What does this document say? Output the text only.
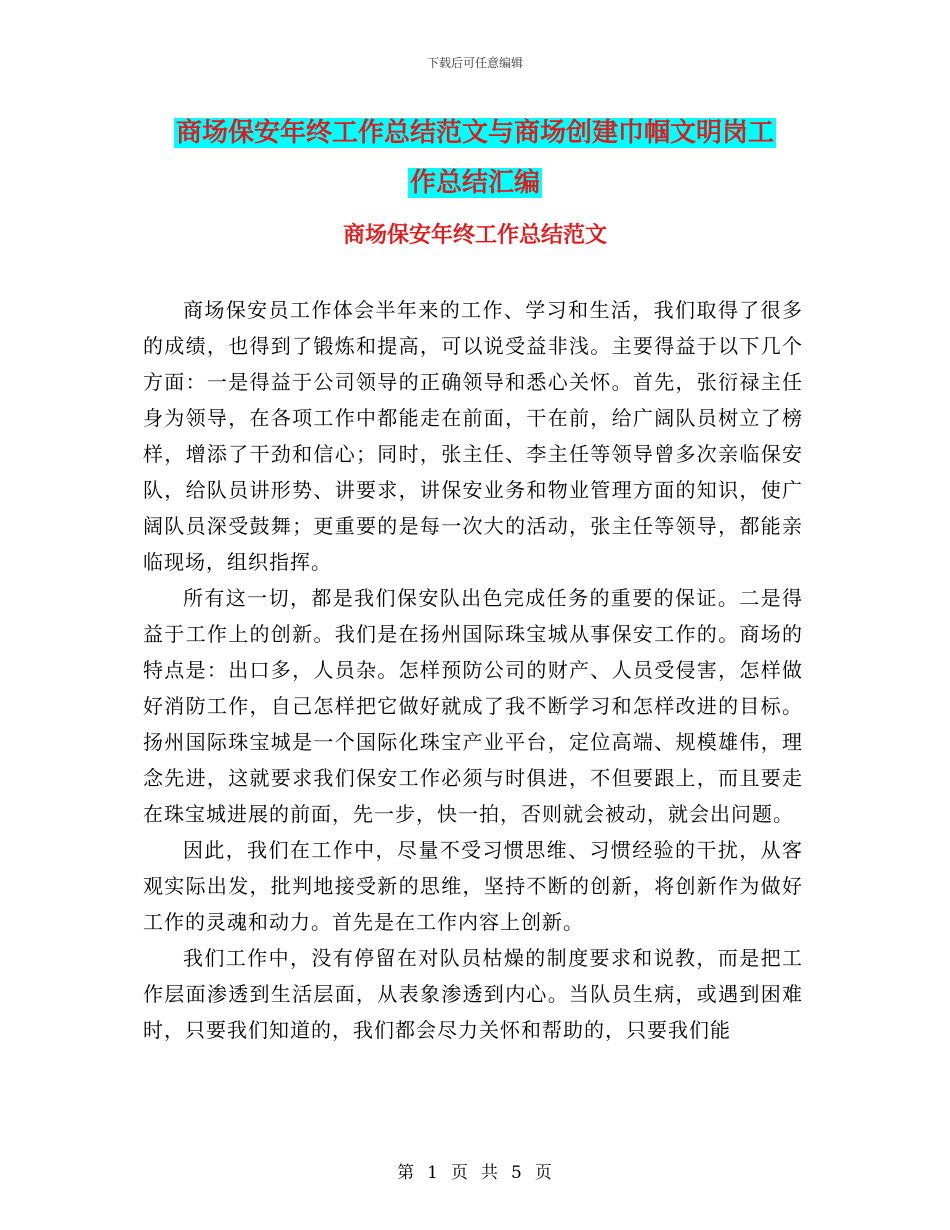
下载后可任意编辑
商场保安年终工作总结范文与商场创建巾帼文明岗工
作总结汇编
商场保安年终工作总结范文

商场保安员工作体会半年来的工作、学习和生活，我们取得了很多的成绩，也得到了锻炼和提高，可以说受益非浅。主要得益于以下几个方面：一是得益于公司领导的正确领导和悉心关怀。首先，张衍禄主任身为领导，在各项工作中都能走在前面，干在前，给广阔队员树立了榜样，增添了干劲和信心；同时，张主任、李主任等领导曾多次亲临保安队，给队员讲形势、讲要求，讲保安业务和物业管理方面的知识，使广阔队员深受鼓舞；更重要的是每一次大的活动，张主任等领导，都能亲临现场，组织指挥。

所有这一切，都是我们保安队出色完成任务的重要的保证。二是得益于工作上的创新。我们是在扬州国际珠宝城从事保安工作的。商场的特点是：出口多，人员杂。怎样预防公司的财产、人员受侵害，怎样做好消防工作，自己怎样把它做好就成了我不断学习和怎样改进的目标。扬州国际珠宝城是一个国际化珠宝产业平台，定位高端、规模雄伟，理念先进，这就要求我们保安工作必须与时俱进，不但要跟上，而且要走在珠宝城进展的前面，先一步，快一拍，否则就会被动，就会出问题。

因此，我们在工作中，尽量不受习惯思维、习惯经验的干扰，从客观实际出发，批判地接受新的思维，坚持不断的创新，将创新作为做好工作的灵魂和动力。首先是在工作内容上创新。

我们工作中，没有停留在对队员枯燥的制度要求和说教，而是把工作层面渗透到生活层面，从表象渗透到内心。当队员生病，或遇到困难时，只要我们知道的，我们都会尽力关怀和帮助的，只要我们能

第 1 页 共 5 页
